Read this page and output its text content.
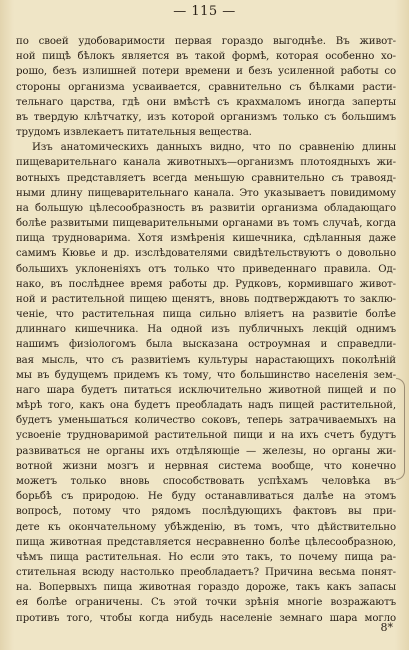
— 115 —
по своей удобоваримости первая гораздо выгоднѣе. Въ живот-
ной пищѣ бѣлокъ является въ такой формѣ, которая особенно хо-
рошо, безъ излишней потери времени и безъ усиленной работы со
стороны организма усваивается, сравнительно съ бѣлками расти-
тельнаго царства, гдѣ они вмѣстѣ съ крахмаломъ иногда заперты
въ твердую клѣтчатку, изъ которой организмъ только съ большимъ
трудомъ извлекаетъ питательныя вещества.
Изъ анатомическихъ данныхъ видно, что по сравненію длины
пищеварительнаго канала животныхъ—организмъ плотоядныхъ жи-
вотныхъ представляетъ всегда меньшую сравнительно съ травояд-
ными длину пищеварительнаго канала. Это указываетъ повидимому
на большую цѣлесообразность въ развитіи организма обладающаго
болѣе развитыми пищеварительными органами въ томъ случаѣ, когда
пища трудноварима. Хотя измѣренія кишечника, сдѣланныя даже
самимъ Кювье и др. изслѣдователями свидѣтельствуютъ о довольно
большихъ уклоненіяхъ отъ только что приведеннаго правила. Од-
нако, въ послѣднее время работы др. Рудковъ, кормившаго живот-
ной и растительной пищею щенятъ, вновь подтверждаютъ то заклю-
ченіе, что растительная пища сильно вліяетъ на развитіе болѣе
длиннаго кишечника. На одной изъ публичныхъ лекцій однимъ
нашимъ физіологомъ была высказана остроумная и справедли-
вая мысль, что съ развитіемъ культуры нарастающихъ поколѣній
мы въ будущемъ придемъ къ тому, что большинство населенія зем-
наго шара будетъ питаться исключительно животной пищей и по
мѣрѣ того, какъ она будетъ преобладать надъ пищей растительной,
будетъ уменьшаться количество соковъ, теперь затрачиваемыхъ на
усвоеніе трудноваримой растительной пищи и на ихъ счетъ будутъ
развиваться не органы ихъ отдѣляющіе — железы, но органы жи-
вотной жизни мозгъ и нервная система вообще, что конечно
можетъ только вновь способствовать успѣхамъ человѣка въ
борьбѣ съ природою. Не буду останавливаться далѣе на этомъ
вопросѣ, потому что рядомъ послѣдующихъ фактовъ вы при-
дете къ окончательному убѣжденію, въ томъ, что дѣйствительно
пища животная представляется несравненно болѣе цѣлесообразною,
чѣмъ пища растительная. Но если это такъ, то почему пища ра-
стительная всюду настолько преобладаетъ? Причина весьма понят-
на. Вопервыхъ пища животная гораздо дороже, такъ какъ запасы
ея болѣе ограничены. Съ этой точки зрѣнія многіе возражаютъ
противъ того, чтобы когда нибудь населеніе земнаго шара могло
8*
